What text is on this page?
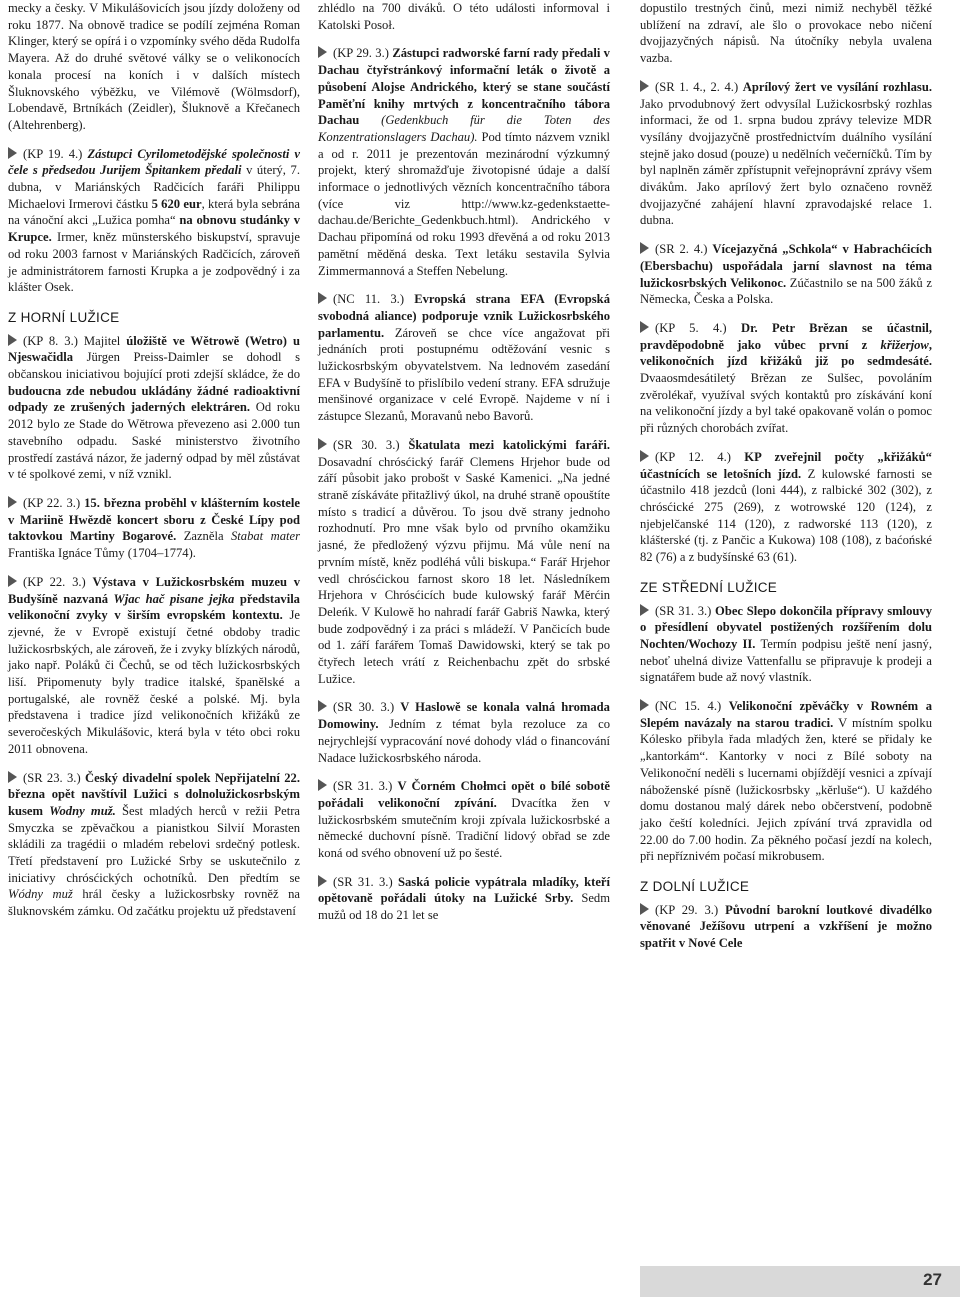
mecky a česky. V Mikulášovicích jsou jízdy doloženy od roku 1877. Na obnově tradice se podílí zejména Roman Klinger, který se opírá i o vzpomínky svého děda Rudolfa Mayera. Až do druhé světové války se o velikonocích konala procesí na koních i v dalších místech Šluknovského výběžku, ve Vilémově (Wölmsdorf), Lobendavě, Brtníkách (Zeidler), Šluknově a Křečanech (Altehrenberg).

(KP 19. 4.) Zástupci Cyrilometodějské společnosti v čele s předsedou Jurijem Špitankem předali v úterý, 7. dubna, v Mariánských Radčicích faráři Philippu Michaelovi Irmerovi částku 5 620 eur, která byla sebrána na vánoční akci „Lužica pomha“ na obnovu studánky v Krupce. Irmer, kněz münsterského biskupství, spravuje od roku 2003 farnost v Mariánských Radčicích, zároveň je administrátorem farnosti Krupka a je zodpovědný i za klášter Osek.

Z HORNÍ LUŽICE

(KP 8. 3.) Majitel úložiště ve Wětrowě (Wetro) u Njeswačidla Jürgen Preiss-Daimler se dohodl s občanskou iniciativou bojující proti zdejší skládce, že do budoucna zde nebudou ukládány žádné radioaktivní odpady ze zrušených jaderných elektráren. Od roku 2012 bylo ze Stade do Wětrowa převezeno asi 2.000 tun stavebního odpadu. Saské ministerstvo životního prostředí zastává názor, že jaderný odpad by měl zůstávat v té spolkové zemi, v níž vznikl.

(KP 22. 3.) 15. března proběhl v klášterním kostele v Mariině Hwězdě koncert sboru z České Lípy pod taktovkou Martiny Bogarové. Zazněla Stabat mater Františka Ignáce Tůmy (1704–1774).

(KP 22. 3.) Výstava v Lužickosrbském muzeu v Budyšíně nazvaná Wjac hač pisane jejka představila velikonoční zvyky v širším evropském kontextu. Je zjevné, že v Evropě existují četné obdoby tradic lužickosrbských, ale zároveň, že i zvyky blízkých národů, jako např. Poláků či Čechů, se od těch lužickosrbských liší. Připomenuty byly tradice italské, španělské a portugalské, ale rovněž české a polské. Mj. byla představena i tradice jízd velikonočních křižáků ze severočeských Mikulášovic, která byla v této obci roku 2011 obnovena.

(SR 23. 3.) Český divadelní spolek Nepřijatelní 22. března opět navštívil Lužici s dolnolužickosrbským kusem Wodny muž. Šest mladých herců v režii Petra Smyczka se zpěvačkou a pianistkou Silvií Morasten skládili za tragédii o mladém rebelovi srdečný potlesk. Třetí představení pro Lužické Srby se uskutečnilo z iniciativy chrósćických ochotníků. Den předtím se Wódny muž hrál česky a lužickosrbsky rovněž na šluknovském zámku. Od začátku projektu už představení

zhlédlo na 700 diváků. O této události informoval i Katolski Posoł.

(KP 29. 3.) Zástupci radworské farní rady předali v Dachau čtyřstránkový informační leták o životě a působení Alojse Andrického, který se stane součástí Paměťní knihy mrtvých z koncentračního tábora Dachau (Gedenkbuch für die Toten des Konzentrationslagers Dachau). Pod tímto názvem vznikl a od r. 2011 je prezentován mezinárodní výzkumný projekt, který shromažďuje životopisné údaje a další informace o jednotlivých vězních koncentračního tábora (více viz http://www.kz-gedenkstaette-dachau.de/Berichte_Gedenkbuch.html). Andrického v Dachau připomíná od roku 1993 dřevěná a od roku 2013 pamětní měděná deska. Text letáku sestavila Sylvia Zimmermannová a Steffen Nebelung.

(NC 11. 3.) Evropská strana EFA (Evropská svobodná aliance) podporuje vznik Lužickosrbského parlamentu. Zároveň se chce více angažovat při jednáních proti postupnému odtěžování vesnic s lužickosrbským obyvatelstvem. Na lednovém zasedání EFA v Budyšíně to přislíbilo vedení strany. EFA sdružuje menšinové organizace v celé Evropě. Najdeme v ní i zástupce Slezanů, Moravanů nebo Bavorů.

(SR 30. 3.) Škatulata mezi katolickými faráři. Dosavadní chrósćický farář Clemens Hrjehor bude od září působit jako probošt v Saské Kamenici. „Na jedné straně získáváte přitažlivý úkol, na druhé straně opouštíte místo s tradicí a důvěrou. To jsou dvě strany jednoho rozhodnutí. Pro mne však bylo od prvního okamžiku jasné, že předložený výzvu přijmu. Má vůle není na prvním místě, kněz podléhá vůli biskupa.“ Farář Hrjehor vedl chrósćickou farnost skoro 18 let. Následníkem Hrjehora v Chrósćicích bude kulowský farář Měrćin Deleńk. V Kulowě ho nahradí farář Gabriš Nawka, který bude zodpovědný i za práci s mládeží. V Pančicích bude od 1. září farářem Tomaš Dawidowski, který se tak po čtyřech letech vrátí z Reichenbachu zpět do srbské Lužice.

(SR 30. 3.) V Haslowě se konala valná hromada Domowiny. Jedním z témat byla rezoluce za co nejrychlejší vypracování nové dohody vlád o financování Nadace lužickosrbského národa.

(SR 31. 3.) V Čorném Chołmci opět o bílé sobotě pořádali velikonoční zpívání. Dvacítka žen v lužickosrbském smutečním kroji zpívala lužickosrbské a německé duchovní písně. Tradiční lidový obřad se zde koná od svého obnovení už po šesté.

(SR 31. 3.) Saská policie vypátrala mladíky, kteří opětovaně pořádali útoky na Lužické Srby. Sedm mužů od 18 do 21 let se

dopustilo trestných činů, mezi nimiž nechyběl těžké ublížení na zdraví, ale šlo o provokace nebo ničení dvojjazyčných nápisů. Na útočníky nebyla uvalena vazba.

(SR 1. 4., 2. 4.) Aprílový žert ve vysílání rozhlasu. Jako prvodubnový žert odvysílal Lužickosrbský rozhlas informaci, že od 1. srpna budou zprávy televize MDR vysílány dvojjazyčně prostřednictvím duálního vysílání stejně jako dosud (pouze) u nedělních večerníčků. Tím by byl naplněn záměr zpřístupnit veřejnoprávní zprávy všem divákům. Jako aprílový žert bylo označeno rovněž dvojjazyčné zahájení hlavní zpravodajské relace 1. dubna.

(SR 2. 4.) Vícejazyčná „Schkola“ v Habrachćicích (Ebersbachu) uspořádala jarní slavnost na téma lužickosrbských Velikonoc. Zúčastnilo se na 500 žáků z Německa, Česka a Polska.

(KP 5. 4.) Dr. Petr Brězan se účastnil, pravděpodobně jako vůbec první z křižerjow, velikonočních jízd křižáků již po sedmdesáté. Dvaaosmdesátiletý Brězan ze Sulšec, povoláním zvěrolékař, využíval svých kontaktů pro získávání koní na velikonoční jízdy a byl také opakovaně volán o pomoc při různých chorobách zvířat.

(KP 12. 4.) KP zveřejnil počty „křižáků“ účastnících se letošních jízd. Z kulowské farnosti se účastnilo 418 jezdců (loni 444), z ralbické 302 (302), z chrósćické 275 (269), z wotrowské 120 (124), z njebjelčanské 114 (120), z radworské 113 (120), z klášterské (tj. z Pančic a Kukowa) 108 (108), z baćońské 82 (76) a z budyšínské 63 (61).

ZE STŘEDNÍ LUŽICE

(SR 31. 3.) Obec Slepo dokončila přípravy smlouvy o přesídlení obyvatel postižených rozšířením dolu Nochten/Wochozy II. Termín podpisu ještě není jasný, neboť uhelná divize Vattenfallu se připravuje k prodeji a signatářem bude až nový vlastník.

(NC 15. 4.) Velikonoční zpěváčky v Rowném a Slepém navázaly na starou tradici. V místním spolku Kólesko přibyla řada mladých žen, které se přidaly ke „kantorkám“. Kantorky v noci z Bílé soboty na Velikonoční neděli s lucernami objíždějí vesnici a zpívají náboženské písně (lužickosrbsky „kěrluše“). U každého domu dostanou malý dárek nebo občerstvení, podobně jako čeští koledníci. Jejich zpívání trvá zpravidla od 22.00 do 7.00 hodin. Za pěkného počasí jezdí na kolech, při nepříznivém počasí mikrobusem.

Z DOLNÍ LUŽICE

(KP 29. 3.) Původní barokní loutkové divadélko věnované Ježíšovu utrpení a vzkříšení je možno spatřit v Nové Cele

27
